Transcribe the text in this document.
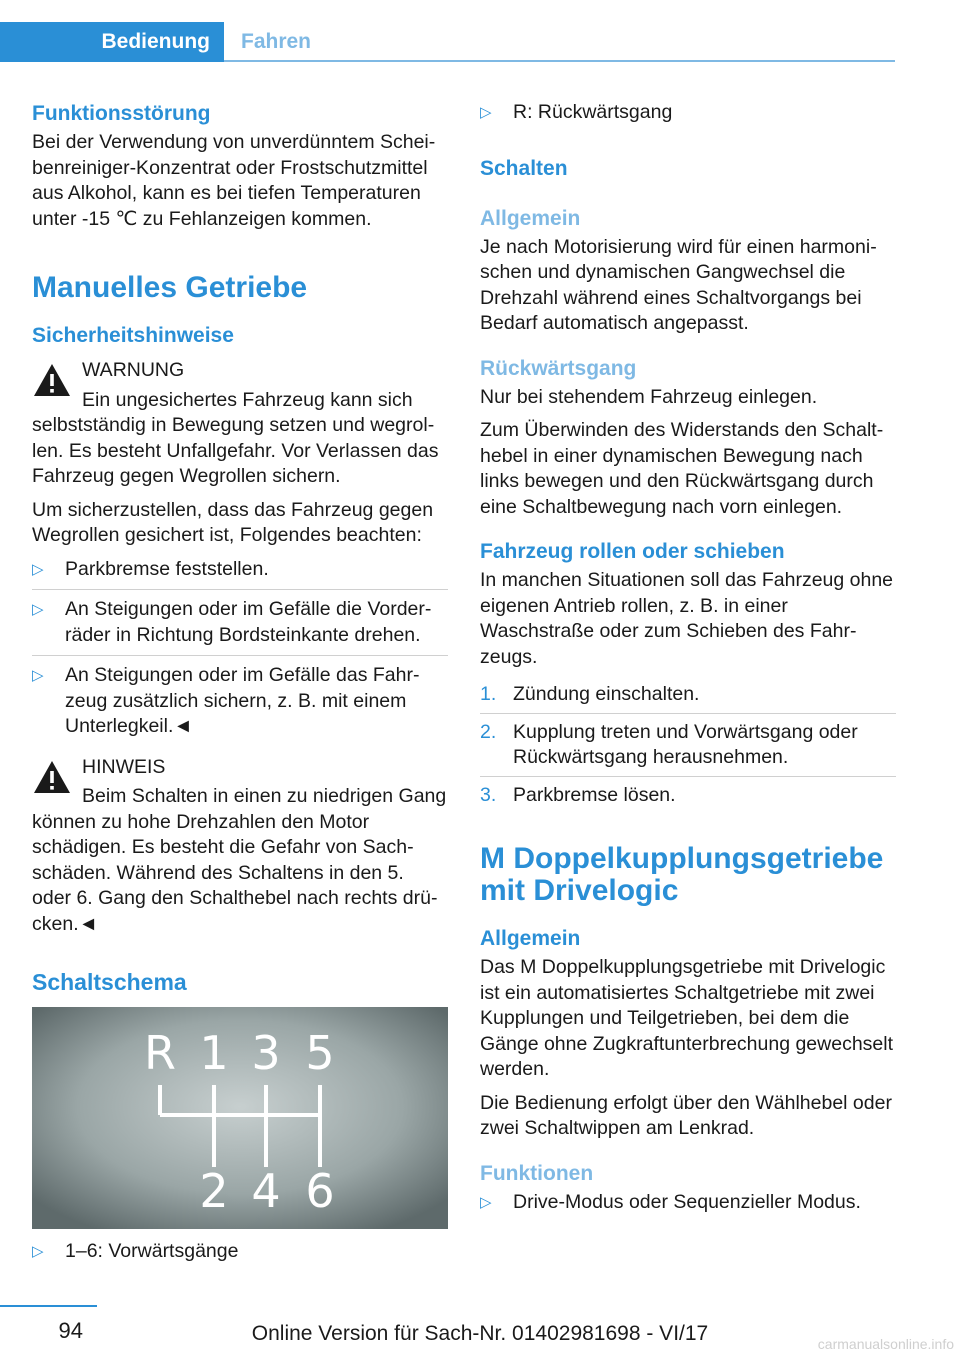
Bedienung	Fahren
Funktionsstörung

Bei der Verwendung von unverdünntem Scheibenreiniger-Konzentrat oder Frostschutzmittel aus Alkohol, kann es bei tiefen Temperaturen unter -15 ℃ zu Fehlanzeigen kommen.

Manuelles Getriebe
Sicherheitshinweise

WARNUNG

Ein ungesichertes Fahrzeug kann sich selbstständig in Bewegung setzen und wegrollen. Es besteht Unfallgefahr. Vor Verlassen das Fahrzeug gegen Wegrollen sichern.

Um sicherzustellen, dass das Fahrzeug gegen Wegrollen gesichert ist, Folgendes beachten:

▷ Parkbremse feststellen.
▷ An Steigungen oder im Gefälle die Vorderräder in Richtung Bordsteinkante drehen.
▷ An Steigungen oder im Gefälle das Fahrzeug zusätzlich sichern, z. B. mit einem Unterlegkeil.◄

HINWEIS

Beim Schalten in einen zu niedrigen Gang können zu hohe Drehzahlen den Motor schädigen. Es besteht die Gefahr von Sachschäden. Während des Schaltens in den 5. oder 6. Gang den Schalthebel nach rechts drücken.◄

Schaltschema
R 1 3 5
2 4 6
▷ 1–6: Vorwärtsgänge
▷ R: Rückwärtsgang
Schalten
Allgemein

Je nach Motorisierung wird für einen harmonischen und dynamischen Gangwechsel die Drehzahl während eines Schaltvorgangs bei Bedarf automatisch angepasst.

Rückwärtsgang

Nur bei stehendem Fahrzeug einlegen.

Zum Überwinden des Widerstands den Schalthebel in einer dynamischen Bewegung nach links bewegen und den Rückwärtsgang durch eine Schaltbewegung nach vorn einlegen.

Fahrzeug rollen oder schieben

In manchen Situationen soll das Fahrzeug ohne eigenen Antrieb rollen, z. B. in einer Waschstraße oder zum Schieben des Fahrzeugs.

1. Zündung einschalten.
2. Kupplung treten und Vorwärtsgang oder Rückwärtsgang herausnehmen.
3. Parkbremse lösen.
M Doppelkupplungsgetriebe mit Drivelogic
Allgemein

Das M Doppelkupplungsgetriebe mit Drivelogic ist ein automatisiertes Schaltgetriebe mit zwei Kupplungen und Teilgetrieben, bei dem die Gänge ohne Zugkraftunterbrechung gewechselt werden.

Die Bedienung erfolgt über den Wählhebel oder zwei Schaltwippen am Lenkrad.

Funktionen
▷ Drive-Modus oder Sequenzieller Modus.
94	Online Version für Sach-Nr. 01402981698 - VI/17	carmanualsonline.info
